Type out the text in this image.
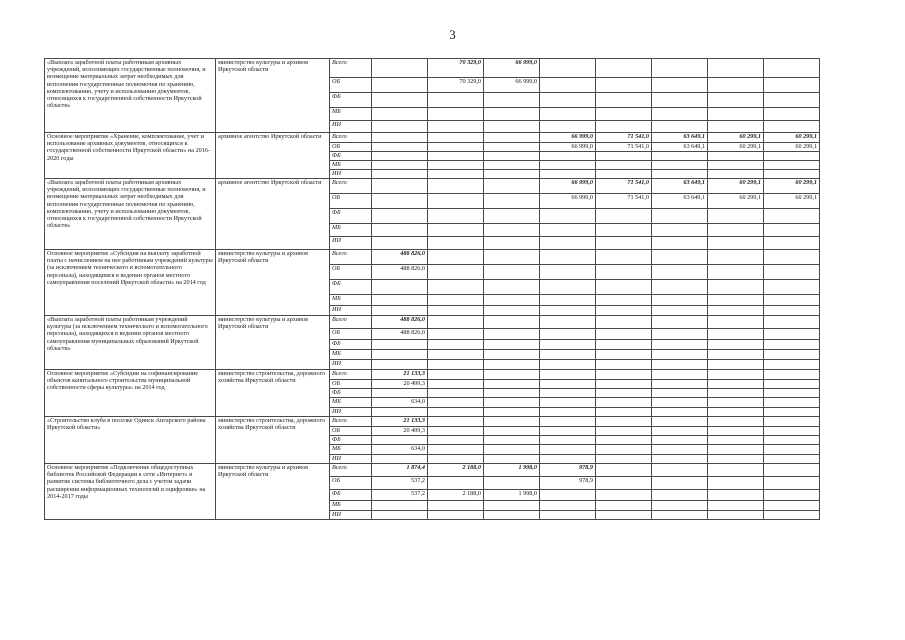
3
«Выплата заработной платы работникам архивных учреждений, исполняющих государственные полномочия, и возмещение материальных затрат необходимых для исполнения государственные полномочия по хранению, комплектованию, учету и использованию документов, относящихся к государственной собственности Иркутской области»	министерство культуры и архивов Иркутской области	Всего		70 329,0	66 999,0					
		ОБ		70 329,0	66 999,0					
		ФБ								
		МБ								
		ИИ								
Основное мероприятие «Хранение, комплектование, учет и использование архивных документов, относящихся к государственной собственности Иркутской области» на 2016-2020 годы	архивное агентство Иркутской области	Всего				66 999,0	71 541,0	63 649,1	60 299,1	60 299,1
		ОБ				66 999,0	71 541,0	63 649,1	60 299,1	60 299,1
		ФБ								
		МБ								
		ИИ								
«Выплата заработной платы работникам архивных учреждений, исполняющих государственные полномочия, и возмещение материальных затрат необходимых для исполнения государственные полномочия по хранению, комплектованию, учету и использованию документов, относящихся к государственной собственности Иркутской области»	архивное агентство Иркутской области	Всего				66 999,0	71 541,0	63 649,1	60 299,1	60 299,1
		ОБ				66 999,0	71 541,0	63 649,1	60 299,1	60 299,1
		ФБ								
		МБ								
		ИИ								
Основное мероприятие «Субсидия на выплату заработной платы с начислением на нее работникам учреждений культуры (за исключением технического и вспомогательного персонала), находящимся в ведении органов местного самоуправления поселений Иркутской области» на 2014 год	министерство культуры и архивов Иркутской области	Всего	488 826,0							
		ОБ	488 826,0							
		ФБ								
		МБ								
		ИИ								
«Выплата заработной платы работникам учреждений культуры (за исключением технического и вспомогательного персонала), находящихся в ведении органов местного самоуправления муниципальных образований Иркутской области»	министерство культуры и архивов Иркутской области	Всего	488 826,0							
		ОБ	488 826,0							
		ФБ								
		МБ								
		ИИ								
Основное мероприятие «Субсидии на софинансирование объектов капитального строительства муниципальной собственности сферы культуры» на 2014 год	министерство строительства, дорожного хозяйства Иркутской области	Всего	21 133,3							
		ОБ	20 499,3							
		ФБ								
		МБ	634,0							
		ИИ								
«Строительство клуба в поселке Одинск Ангарского района Иркутской области»	министерство строительства, дорожного хозяйства Иркутской области	Всего	21 133,3							
		ОБ	20 499,3							
		ФБ								
		МБ	634,0							
		ИИ								
Основное мероприятие «Подключение общедоступных библиотек Российской Федерации к сети «Интернет» и развитие системы библиотечного дела с учетом задачи расширения информационных технологий и оцифровки» на 2014-2017 годы	министерство культуры и архивов Иркутской области	Всего	1 874,4	2 188,0	1 998,0	978,9				
		ОБ	537,2			978,9				
		ФБ	537,2	2 188,0	1 998,0					
		МБ								
		ИИ								
